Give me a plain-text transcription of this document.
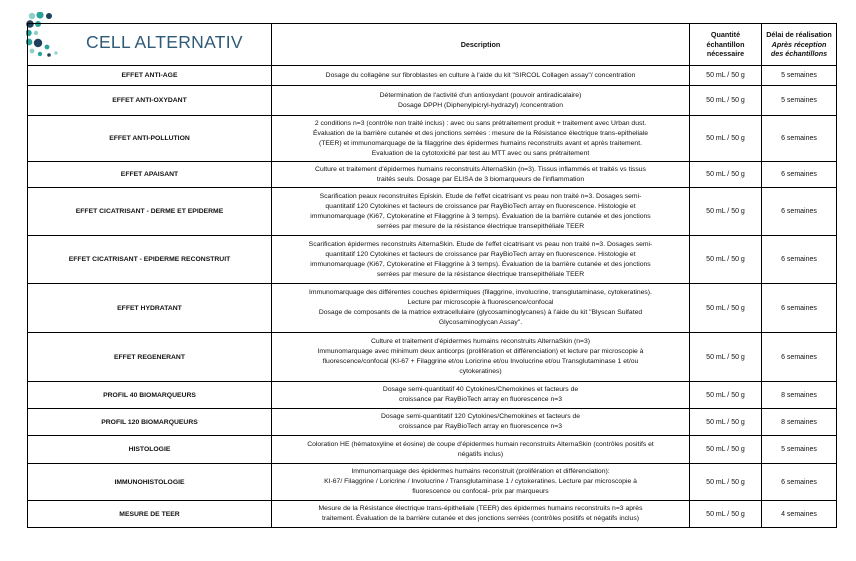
CELL ALTERNATIV
		Description	Quantité échantillon nécessaire	Délai de réalisation
Après réception des échantillons
EFFET ANTI-AGE	Dosage du collagène sur fibroblastes en culture à l'aide du kit "SIRCOL Collagen assay"/ concentration	50 mL / 50 g	5 semaines
EFFET ANTI-OXYDANT	Détermination de l'activité d'un antioxydant (pouvoir antiradicalaire)
Dosage DPPH (Diphenylpicryl-hydrazyl) /concentration	50 mL / 50 g	5 semaines
EFFET ANTI-POLLUTION	2 conditions n=3 (contrôle non traité inclus) : avec ou sans prétraitement produit + traitement avec Urban dust.
Évaluation de la barrière cutanée et des jonctions serrées : mesure de la Résistance électrique trans-epitheliale
(TEER) et immunomarquage de la filaggrine des épidermes humains reconstruits avant et après traitement.
Evaluation de la cytotoxicité par test au MTT avec ou sans prétraitement	50 mL / 50 g	6 semaines
EFFET APAISANT	Culture et traitement d'épidermes humains reconstruits AlternaSkin (n=3). Tissus inflammés et traités vs tissus
traités seuls. Dosage par ELISA de 3 biomarqueurs de l'inflammation	50 mL / 50 g	6 semaines
EFFET CICATRISANT - DERME ET EPIDERME	Scarification peaux reconstruites Episkin. Etude de l'effet cicatrisant vs peau non traité n=3. Dosages semi-
quantitatif 120 Cytokines et facteurs de croissance par RayBioTech array en fluorescence. Histologie et
immunomarquage (Ki67, Cytokeratine et Filaggrine à 3 temps). Évaluation de la barrière cutanée et des jonctions
serrées par mesure de la résistance électrique transepithéliale TEER	50 mL / 50 g	6 semaines
EFFET CICATRISANT - EPIDERME RECONSTRUIT	Scarification épidermes reconstruits AlternaSkin. Etude de l'effet cicatrisant vs peau non traité n=3. Dosages semi-
quantitatif 120 Cytokines et facteurs de croissance par RayBioTech array en fluorescence. Histologie et
immunomarquage (Ki67, Cytokeratine et Filaggrine à 3 temps). Évaluation de la barrière cutanée et des jonctions
serrées par mesure de la résistance électrique transepithéliale TEER	50 mL / 50 g	6 semaines
EFFET HYDRATANT	Immunomarquage des différentes couches épidermiques (filaggrine, involucrine, transglutaminase, cytokeratines).
Lecture par microscopie à fluorescence/confocal
Dosage de composants de la matrice extracellulaire (glycosaminoglycanes) à l'aide du kit "Blyscan Sulfated
Glycosaminoglycan Assay".	50 mL / 50 g	6 semaines
EFFET REGENERANT	Culture et traitement d'épidermes humains reconstruits AlternaSkin (n=3)
Immunomarquage avec minimum deux anticorps (prolifération et différenciation) et lecture par microscopie à
fluorescence/confocal (KI-67 + Filaggrine et/ou Loricrine et/ou Involucrine et/ou Transglutaminase 1 et/ou
cytokeratines)	50 mL / 50 g	6 semaines
PROFIL 40 BIOMARQUEURS	Dosage semi-quantitatif 40 Cytokines/Chemokines et facteurs de
croissance par RayBioTech array en fluorescence n=3	50 mL / 50 g	8 semaines
PROFIL 120 BIOMARQUEURS	Dosage semi-quantitatif 120 Cytokines/Chemokines et facteurs de
croissance par RayBioTech array en fluorescence n=3	50 mL / 50 g	8 semaines
HISTOLOGIE	Coloration HE (hématoxyline et éosine) de coupe d'épidermes humain reconstruits AlternaSkin (contrôles positifs et
négatifs inclus)	50 mL / 50 g	5 semaines
IMMUNOHISTOLOGIE	Immunomarquage des épidermes humains reconstruit (prolifération et différenciation):
KI-67/ Filaggrine / Loricrine / Involucrine / Transglutaminase 1 / cytokeratines. Lecture par microscopie à
fluorescence ou confocal- prix par marqueurs	50 mL / 50 g	6 semaines
MESURE DE TEER	Mesure de la Résistance électrique trans-épitheliale (TEER) des épidermes humains reconstruits n=3 après
traitement. Évaluation de la barrière cutanée et des jonctions serrées (contrôles positifs et négatifs inclus)	50 mL / 50 g	4 semaines
